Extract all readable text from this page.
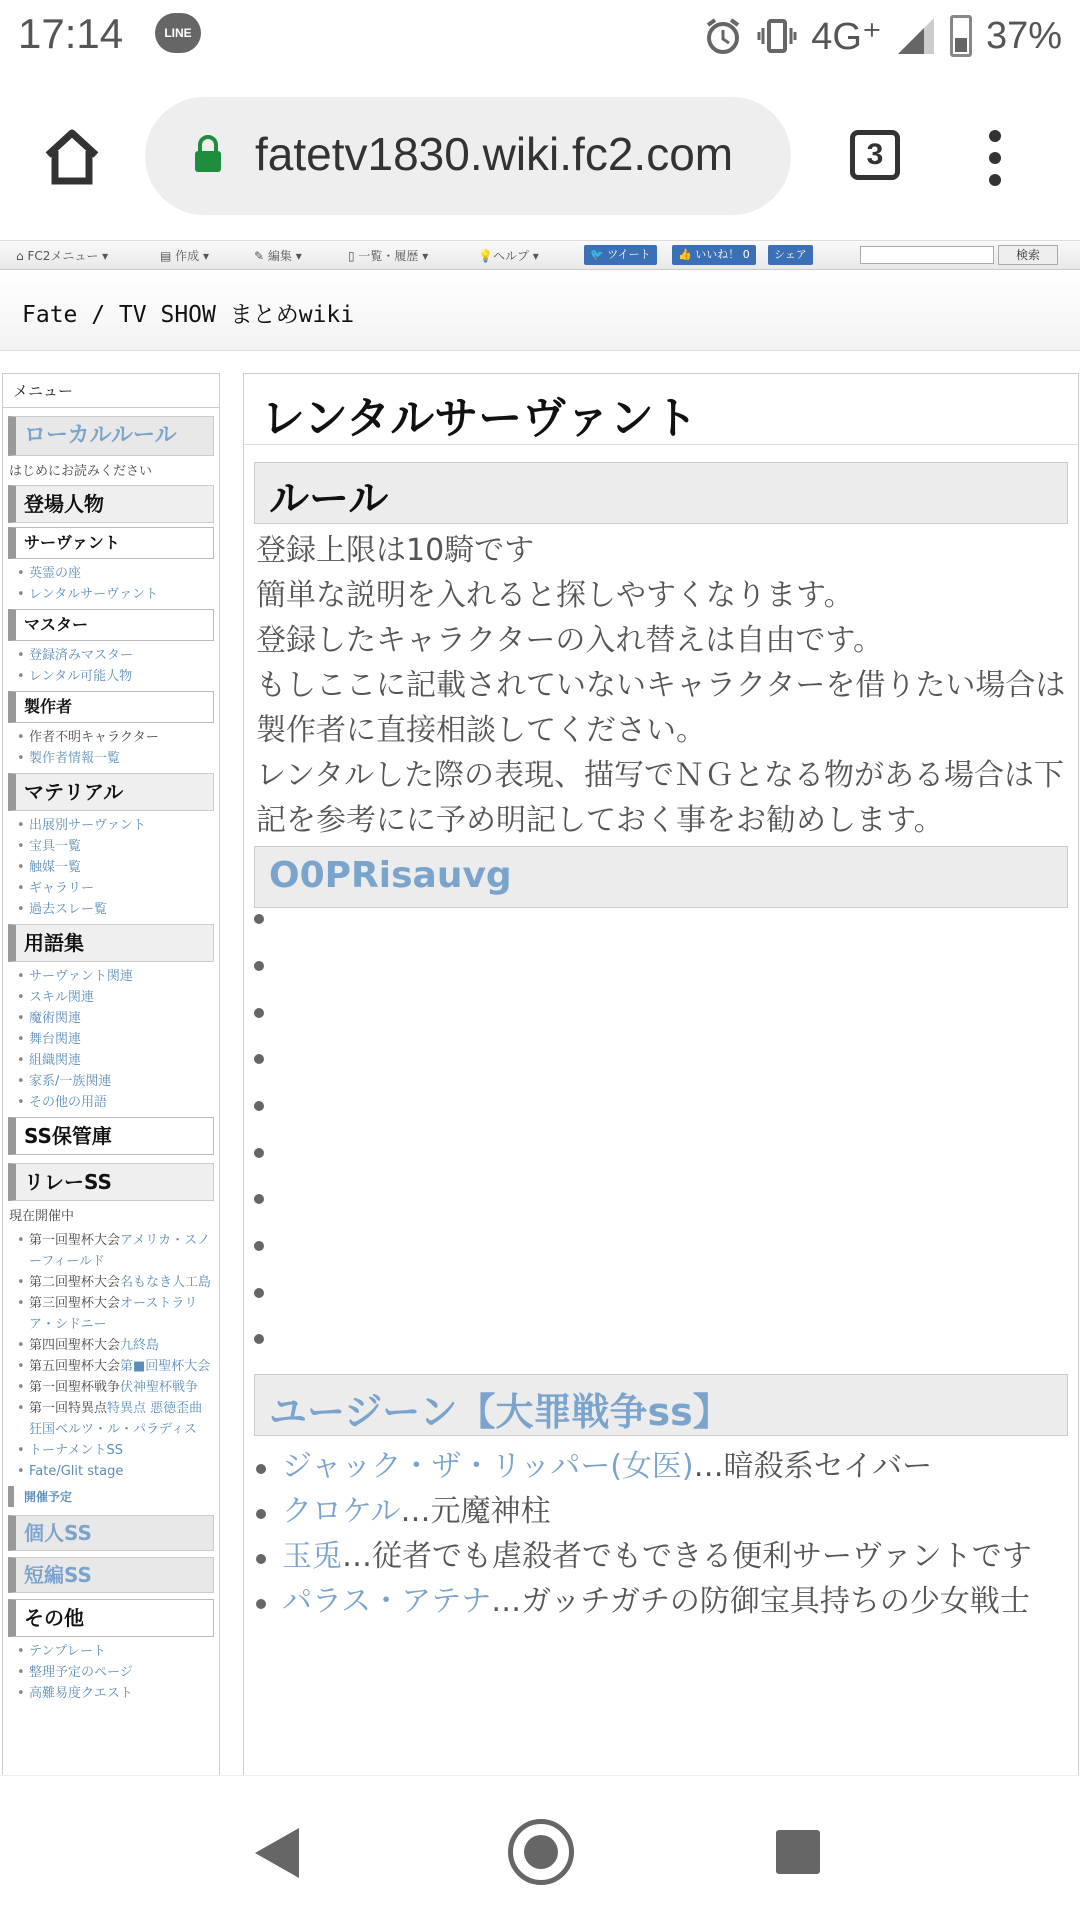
17:14	LINE	4G⁺	37%
fatetv1830.wiki.fc2.com	3
⌂ FC2メニュー ▾	▤ 作成 ▾	✎ 編集 ▾	▯ 一覧・履歴 ▾	💡ヘルプ ▾	🐦 ツイート	👍 いいね！ 0	シェア	検索
Fate / TV SHOW まとめwiki
メニュー
ローカルルール
はじめにお読みください
登場人物
サーヴァント
• 英霊の座
• レンタルサーヴァント
マスター
• 登録済みマスター
• レンタル可能人物
製作者
• 作者不明キャラクター
• 製作者情報一覧
マテリアル
• 出展別サーヴァント
• 宝具一覧
• 触媒一覧
• ギャラリー
• 過去スレー覧
用語集
• サーヴァント関連
• スキル関連
• 魔術関連
• 舞台関連
• 組織関連
• 家系/一族関連
• その他の用語
SS保管庫
リレーSS
現在開催中
• 第一回聖杯大会アメリカ・スノーフィールド
• 第二回聖杯大会名もなき人工島
• 第三回聖杯大会オーストラリア・シドニー
• 第四回聖杯大会九終島
• 第五回聖杯大会第■回聖杯大会
• 第一回聖杯戦争伏神聖杯戦争
• 第一回特異点特異点 悪徳歪曲狂国ベルツ・ル・パラディス
• トーナメントSS
• Fate/Glit stage
開催予定
個人SS
短編SS
その他
• テンプレート
• 整理予定のページ
• 高難易度クエスト
レンタルサーヴァント
ルール
登録上限は10騎です
簡単な説明を入れると探しやすくなります。
登録したキャラクターの入れ替えは自由です。
もしここに記載されていないキャラクターを借りたい場合は製作者に直接相談してください。
レンタルした際の表現、描写でＮＧとなる物がある場合は下記を参考にに予め明記しておく事をお勧めします。
O0PRisauvg
ユージーン【大罪戦争ss】
ジャック・ザ・リッパー(女医)…暗殺系セイバー
クロケル…元魔神柱
玉兎…従者でも虐殺者でもできる便利サーヴァントです
パラス・アテナ…ガッチガチの防御宝具持ちの少女戦士
